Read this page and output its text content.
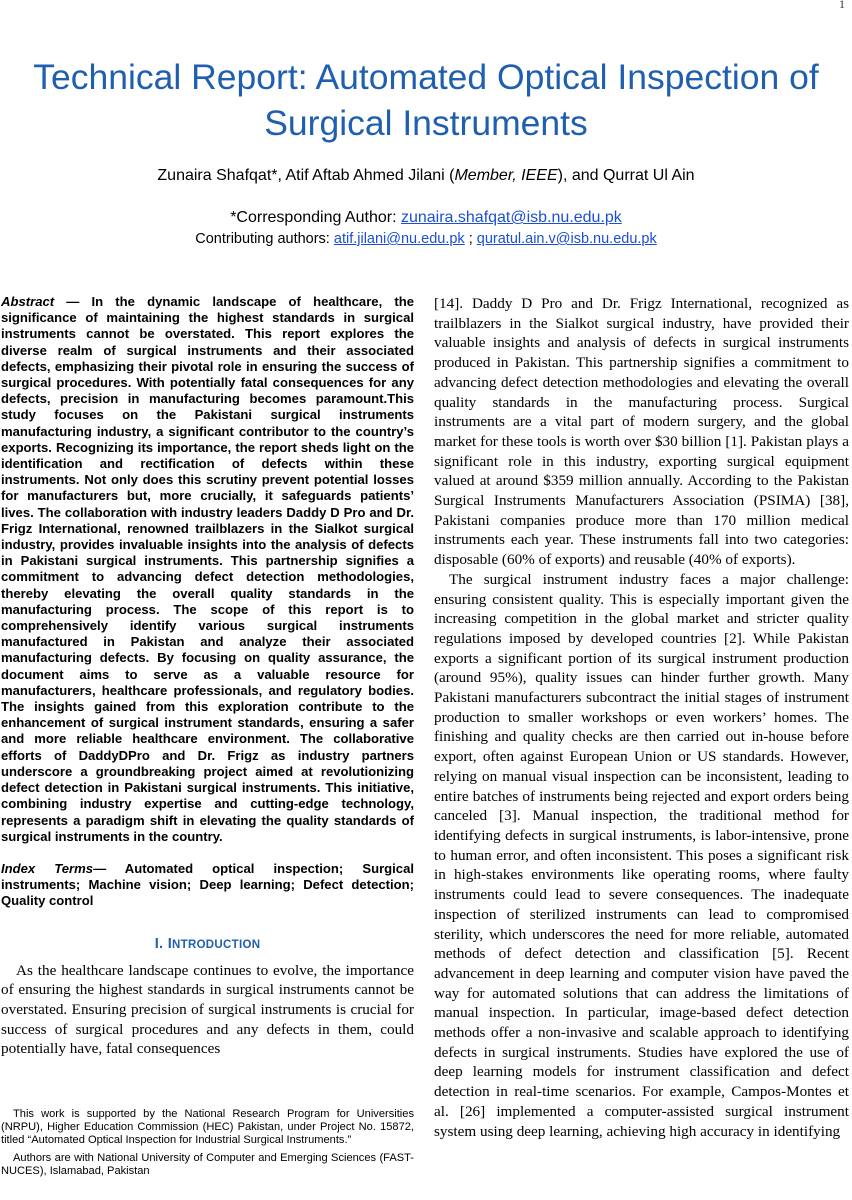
1
Technical Report: Automated Optical Inspection of Surgical Instruments
Zunaira Shafqat*, Atif Aftab Ahmed Jilani (Member, IEEE), and Qurrat Ul Ain
*Corresponding Author: zunaira.shafqat@isb.nu.edu.pk
Contributing authors: atif.jilani@nu.edu.pk ; quratul.ain.v@isb.nu.edu.pk

Abstract — In the dynamic landscape of healthcare, the significance of maintaining the highest standards in surgical instruments cannot be overstated. This report explores the diverse realm of surgical instruments and their associated defects, emphasizing their pivotal role in ensuring the success of surgical procedures. With potentially fatal consequences for any defects, precision in manufacturing becomes paramount.This study focuses on the Pakistani surgical instruments manufacturing industry, a significant contributor to the country’s exports. Recognizing its importance, the report sheds light on the identification and rectification of defects within these instruments. Not only does this scrutiny prevent potential losses for manufacturers but, more crucially, it safeguards patients’ lives. The collaboration with industry leaders Daddy D Pro and Dr. Frigz International, renowned trailblazers in the Sialkot surgical industry, provides invaluable insights into the analysis of defects in Pakistani surgical instruments. This partnership signifies a commitment to advancing defect detection methodologies, thereby elevating the overall quality standards in the manufacturing process. The scope of this report is to comprehensively identify various surgical instruments manufactured in Pakistan and analyze their associated manufacturing defects. By focusing on quality assurance, the document aims to serve as a valuable resource for manufacturers, healthcare professionals, and regulatory bodies. The insights gained from this exploration contribute to the enhancement of surgical instrument standards, ensuring a safer and more reliable healthcare environment. The collaborative efforts of DaddyDPro and Dr. Frigz as industry partners underscore a groundbreaking project aimed at revolutionizing defect detection in Pakistani surgical instruments. This initiative, combining industry expertise and cutting-edge technology, represents a paradigm shift in elevating the quality standards of surgical instruments in the country.

Index Terms— Automated optical inspection; Surgical instruments; Machine vision; Deep learning; Defect detection; Quality control

I. INTRODUCTION

As the healthcare landscape continues to evolve, the importance of ensuring the highest standards in surgical instruments cannot be overstated. Ensuring precision of surgical instruments is crucial for success of surgical procedures and any defects in them, could potentially have, fatal consequences

This work is supported by the National Research Program for Universities (NRPU), Higher Education Commission (HEC) Pakistan, under Project No. 15872, titled “Automated Optical Inspection for Industrial Surgical Instruments.”

Authors are with National University of Computer and Emerging Sciences (FAST-NUCES), Islamabad, Pakistan

[14]. Daddy D Pro and Dr. Frigz International, recognized as trailblazers in the Sialkot surgical industry, have provided their valuable insights and analysis of defects in surgical instruments produced in Pakistan. This partnership signifies a commitment to advancing defect detection methodologies and elevating the overall quality standards in the manufacturing process. Surgical instruments are a vital part of modern surgery, and the global market for these tools is worth over $30 billion [1]. Pakistan plays a significant role in this industry, exporting surgical equipment valued at around $359 million annually. According to the Pakistan Surgical Instruments Manufacturers Association (PSIMA) [38], Pakistani companies produce more than 170 million medical instruments each year. These instruments fall into two categories: disposable (60% of exports) and reusable (40% of exports).

The surgical instrument industry faces a major challenge: ensuring consistent quality. This is especially important given the increasing competition in the global market and stricter quality regulations imposed by developed countries [2]. While Pakistan exports a significant portion of its surgical instrument production (around 95%), quality issues can hinder further growth. Many Pakistani manufacturers subcontract the initial stages of instrument production to smaller workshops or even workers’ homes. The finishing and quality checks are then carried out in-house before export, often against European Union or US standards. However, relying on manual visual inspection can be inconsistent, leading to entire batches of instruments being rejected and export orders being canceled [3]. Manual inspection, the traditional method for identifying defects in surgical instruments, is labor-intensive, prone to human error, and often inconsistent. This poses a significant risk in high-stakes environments like operating rooms, where faulty instruments could lead to severe consequences. The inadequate inspection of sterilized instruments can lead to compromised sterility, which underscores the need for more reliable, automated methods of defect detection and classification [5]. Recent advancement in deep learning and computer vision have paved the way for automated solutions that can address the limitations of manual inspection. In particular, image-based defect detection methods offer a non-invasive and scalable approach to identifying defects in surgical instruments. Studies have explored the use of deep learning models for instrument classification and defect detection in real-time scenarios. For example, Campos-Montes et al. [26] implemented a computer-assisted surgical instrument system using deep learning, achieving high accuracy in identifying
